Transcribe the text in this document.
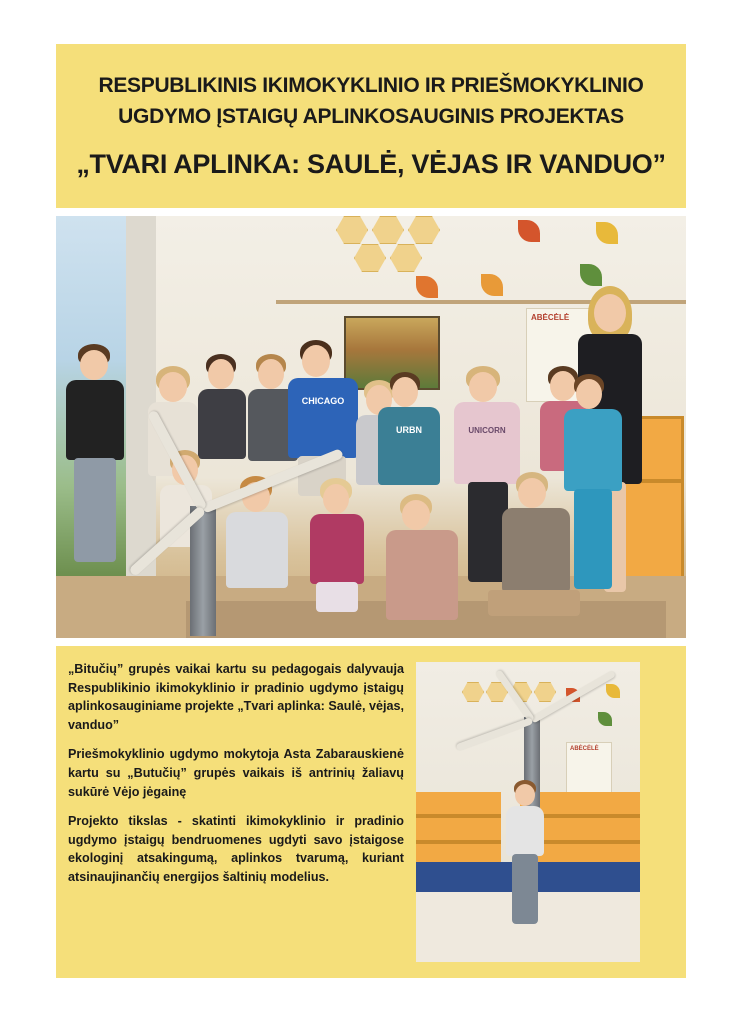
RESPUBLIKINIS IKIMOKYKLINIO IR PRIEŠMOKYKLINIO
UGDYMO ĮSTAIGŲ APLINKOSAUGINIS PROJEKTAS
„TVARI APLINKA: SAULĖ, VĖJAS IR VANDUO”
ABĖCĖLĖ
CHICAGO
URBN	UNICORN

„Bitučių” grupės vaikai kartu su pedagogais dalyvauja Respublikinio ikimokyklinio ir pradinio ugdymo įstaigų aplinkosauginiame projekte „Tvari aplinka: Saulė, vėjas, vanduo”

Priešmokyklinio ugdymo mokytoja Asta Zabarauskienė kartu su „Butučių” grupės vaikais iš antrinių žaliavų sukūrė Vėjo jėgainę

Projekto tikslas - skatinti ikimokyklinio ir pradinio ugdymo įstaigų bendruomenes ugdyti savo įstaigose ekologinį atsakingumą, aplinkos tvarumą, kuriant atsinaujinančių energijos šaltinių modelius.

ABĖCĖLĖ
